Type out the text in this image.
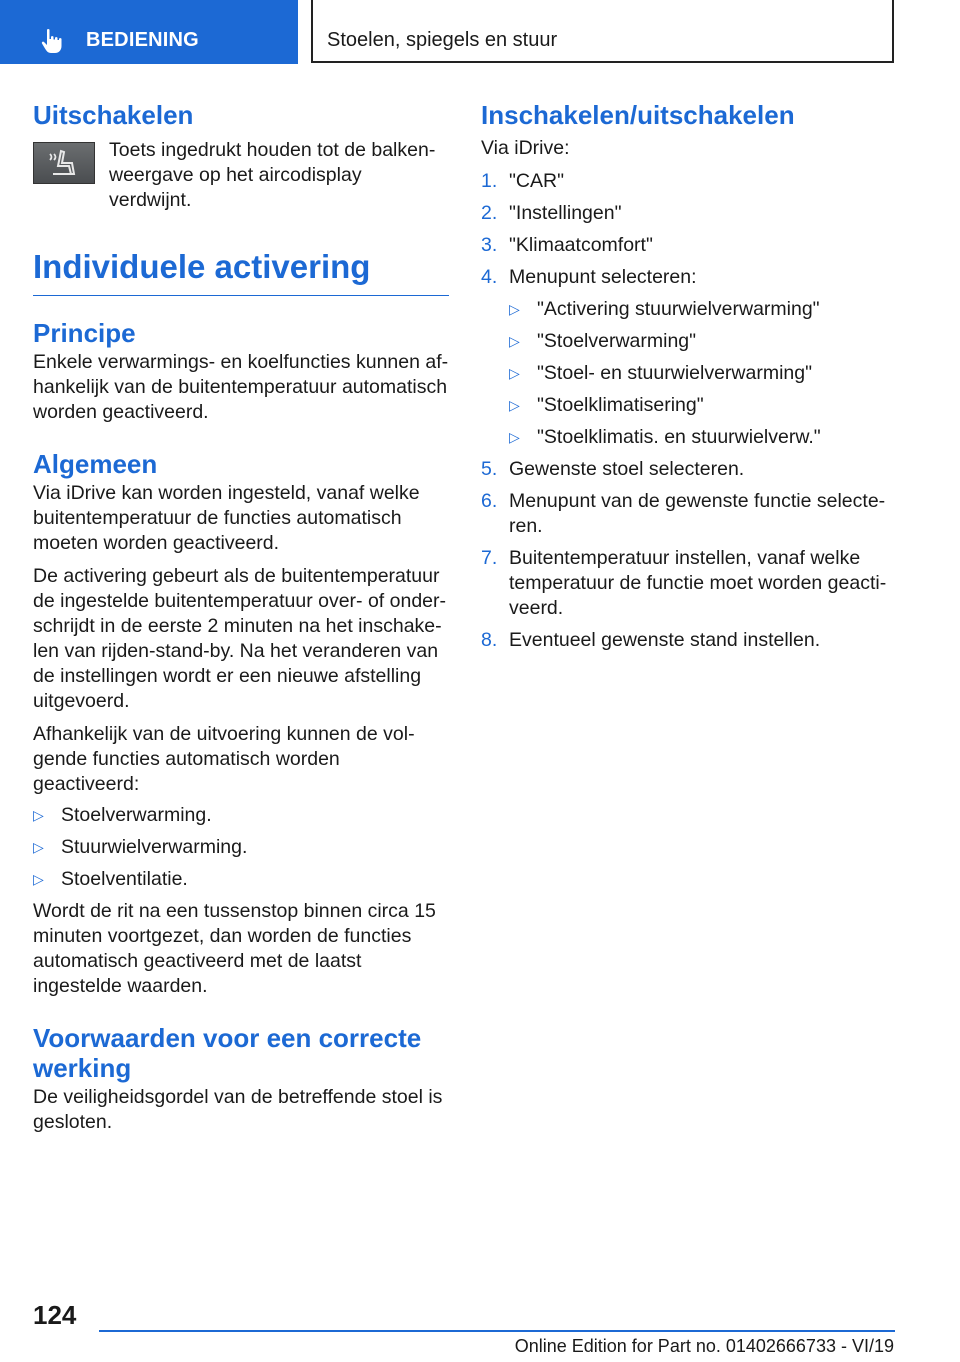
BEDIENING	Stoelen, spiegels en stuur
Uitschakelen

Toets ingedrukt houden tot de balkenweergave op het aircodisplay verdwijnt.

Individuele activering
Principe

Enkele verwarmings- en koelfuncties kunnen afhankelijk van de buitentemperatuur automatisch worden geactiveerd.

Algemeen

Via iDrive kan worden ingesteld, vanaf welke buitentemperatuur de functies automatisch moeten worden geactiveerd.

De activering gebeurt als de buitentemperatuur de ingestelde buitentemperatuur over- of onderschrijdt in de eerste 2 minuten na het inschakelen van rijden-stand-by. Na het veranderen van de instellingen wordt er een nieuwe afstelling uitgevoerd.

Afhankelijk van de uitvoering kunnen de volgende functies automatisch worden geactiveerd:

▷ Stoelverwarming.
▷ Stuurwielverwarming.
▷ Stoelventilatie.

Wordt de rit na een tussenstop binnen circa 15 minuten voortgezet, dan worden de functies automatisch geactiveerd met de laatst ingestelde waarden.

Voorwaarden voor een correcte werking

De veiligheidsgordel van de betreffende stoel is gesloten.

Inschakelen/uitschakelen

Via iDrive:

1. "CAR"
2. "Instellingen"
3. "Klimaatcomfort"
4. Menupunt selecteren:
▷ "Activering stuurwielverwarming"
▷ "Stoelverwarming"
▷ "Stoel- en stuurwielverwarming"
▷ "Stoelklimatisering"
▷ "Stoelklimatis. en stuurwielverw."
5. Gewenste stoel selecteren.
6. Menupunt van de gewenste functie selecteren.
7. Buitentemperatuur instellen, vanaf welke temperatuur de functie moet worden geactiveerd.
8. Eventueel gewenste stand instellen.
124
Online Edition for Part no. 01402666733 - VI/19
